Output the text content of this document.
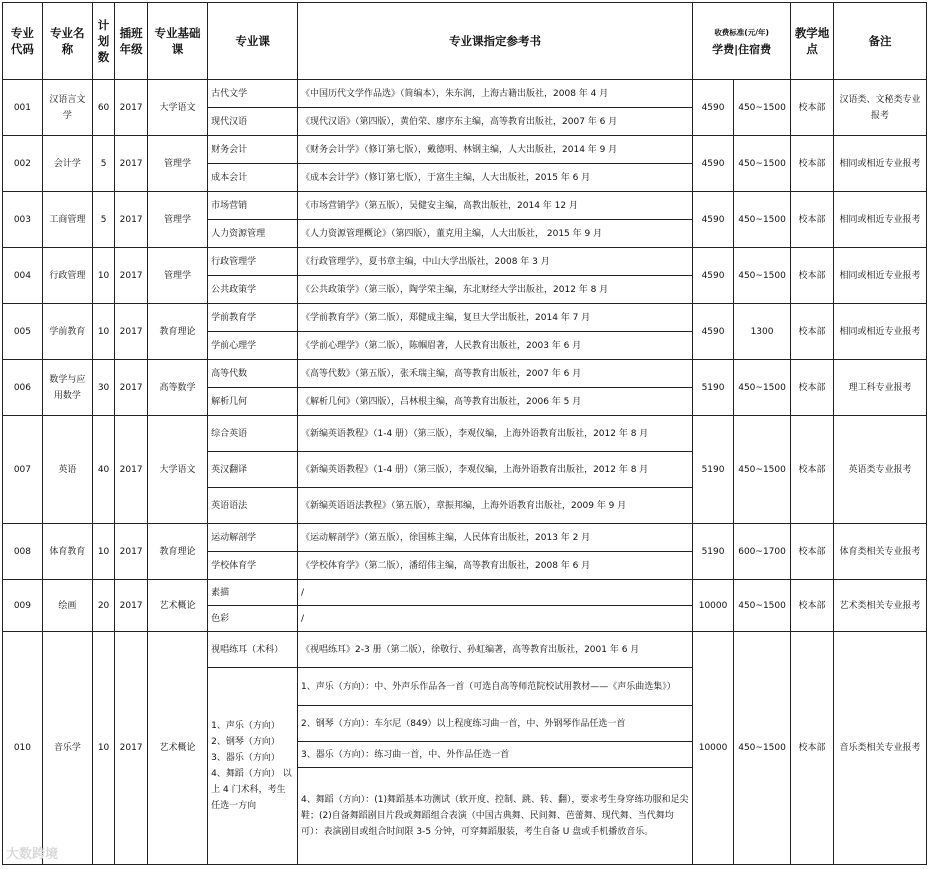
专业代码	专业名称	计划数	插班年级	专业基础课	专业课	专业课指定参考书	收费标准(元/年)
学费|住宿费		教学地点	备注
001	汉语言文学	60	2017	大学语文	古代文学	《中国历代文学作品选》（简编本），朱东润，上海古籍出版社，2008 年 4 月	4590	450~1500	校本部	汉语类、文秘类专业报考
					现代汉语	《现代汉语》（第四版），黄伯荣、廖序东主编，高等教育出版社，2007 年 6 月				
002	会计学	5	2017	管理学	财务会计	《财务会计学》（修订第七版），戴德明、林钢主编，人大出版社，2014 年 9 月	4590	450~1500	校本部	相同或相近专业报考
					成本会计	《成本会计学》（修订第七版），于富生主编，人大出版社，2015 年 6 月				
003	工商管理	5	2017	管理学	市场营销	《市场营销学》（第五版），吴健安主编，高教出版社，2014 年 12 月	4590	450~1500	校本部	相同或相近专业报考
					人力资源管理	《人力资源管理概论》（第四版），董克用主编，人大出版社， 2015 年 9 月				
004	行政管理	10	2017	管理学	行政管理学	《行政管理学》，夏书章主编，中山大学出版社，2008 年 3 月	4590	450~1500	校本部	相同或相近专业报考
					公共政策学	《公共政策学》（第三版），陶学荣主编，东北财经大学出版社，2012 年 8 月				
005	学前教育	10	2017	教育理论	学前教育学	《学前教育学》（第二版），郑健成主编，复旦大学出版社，2014 年 7 月	4590	1300	校本部	相同或相近专业报考
					学前心理学	《学前心理学》（第二版），陈帼眉著，人民教育出版社，2003 年 6 月				
006	数学与应用数学	30	2017	高等数学	高等代数	《高等代数》（第五版），张禾瑞主编，高等教育出版社，2007 年 6 月	5190	450~1500	校本部	理工科专业报考
					解析几何	《解析几何》（第四版），吕林根主编，高等教育出版社，2006 年 5 月				
007	英语	40	2017	大学语文	综合英语	《新编英语教程》（1-4 册）（第三版），李观仪编，上海外语教育出版社，2012 年 8 月	5190	450~1500	校本部	英语类专业报考
					英汉翻译	《新编英语教程》（1-4 册）（第三版），李观仪编，上海外语教育出版社，2012 年 8 月				
					英语语法	《新编英语语法教程》（第五版），章振邦编，上海外语教育出版社，2009 年 9 月				
008	体育教育	10	2017	教育理论	运动解剖学	《运动解剖学》（第五版），徐国栋主编，人民体育出版社，2013 年 2 月	5190	600~1700	校本部	体育类相关专业报考
					学校体育学	《学校体育学》（第二版），潘绍伟主编，高等教育出版社，2008 年 6 月				
009	绘画	20	2017	艺术概论	素描	/	10000	450~1500	校本部	艺术类相关专业报考
					色彩	/				
010	音乐学	10	2017	艺术概论	视唱练耳（术科）	《视唱练耳》2-3 册（第二版），徐敬行、孙虹编著，高等教育出版社，2001 年 6 月	10000	450~1500	校本部	音乐类相关专业报考
					1、声乐（方向） 2、钢琴（方向） 3、器乐（方向） 4、舞蹈（方向） 以上 4 门术科，考生任选一方向	1、声乐（方向）：中、外声乐作品各一首（可选自高等师范院校试用教材——《声乐曲选集》）				
						2、钢琴（方向）：车尔尼（849）以上程度练习曲一首，中、外钢琴作品任选一首				
						3、器乐（方向）：练习曲一首，中、外作品任选一首				
						4、舞蹈（方向）：(1)舞蹈基本功测试（软开度、控制、跳、转、翻），要求考生身穿练功服和足尖鞋；(2)自备舞蹈剧目片段或舞蹈组合表演（中国古典舞、民间舞、芭蕾舞、现代舞、当代舞均可）：表演剧目或组合时间限 3-5 分钟，可穿舞蹈服装，考生自备 U 盘或手机播放音乐。				
大数跨境
